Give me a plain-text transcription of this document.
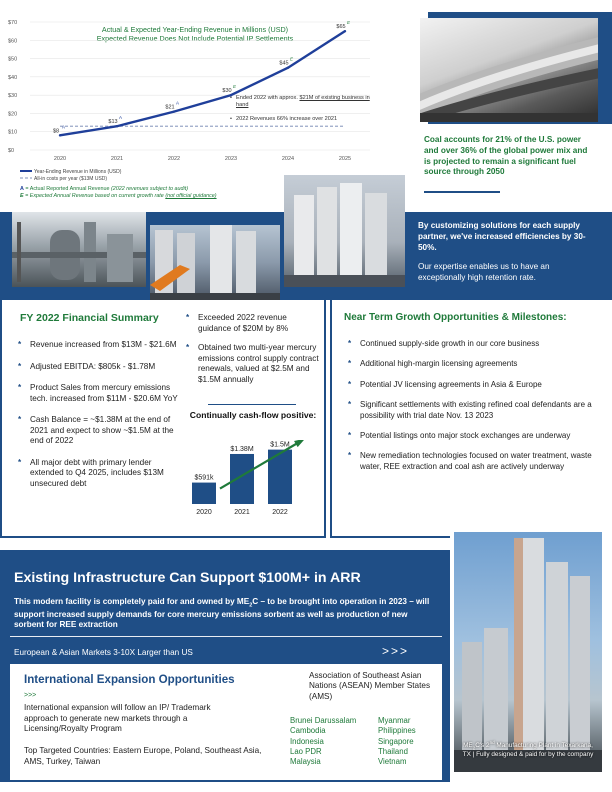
Actual & Expected Year-Ending Revenue in Millions (USD)
Expected Revenue Does Not Include Potential IP Settlements
$0
$10
$20
$30
$40
$50
$60
$70
2020	2021	2022	2023	2024	2025
$8
A
$13
A
$21
A
$30
E
$45
E
$65
E
Year-Ending Revenue in Millions (USD)
All-in costs per year ($13M USD)
• Ended 2022 with approx. $21M of existing business in hand
• 2022 Revenues 66% increase over 2021
A = Actual Reported Annual Revenue (2022 revenues subject to audit)
E = Expected Annual Revenue based on current growth rate (not official guidance)
Coal accounts for 21% of the U.S. power and over 36% of the global power mix and is projected to remain a significant fuel source through 2050
By customizing solutions for each supply partner, we've increased efficiencies by 30-50%.
Our expertise enables us to have an exceptionally high retention rate.
FY 2022 Financial Summary
* Revenue increased from $13M - $21.6M
* Adjusted EBITDA: $805k - $1.78M
* Product Sales from mercury emissions tech. increased from $11M - $20.6M YoY
* Cash Balance = ~$1.38M at the end of 2021 and expect to show ~$1.5M at the end of 2022
* All major debt with primary lender extended to Q4 2025, includes $13M unsecured debt
* Exceeded 2022 revenue guidance of $20M by 8%
* Obtained two multi-year mercury emissions control supply contract renewals, valued at $2.5M and $1.5M annually
Continually cash-flow positive:
$591k
$1.38M
$1.5M
2020	2021	2022
Near Term Growth Opportunities & Milestones:
* Continued supply-side growth in our core business
* Additional high-margin licensing agreements
* Potential JV licensing agreements in Asia & Europe
* Significant settlements with existing refined coal defendants are a possibility with trial date Nov. 13 2023
* Potential listings onto major stock exchanges are underway
* New remediation technologies focused on water treatment, waste water, REE extraction and coal ash are actively underway
Existing Infrastructure Can Support $100M+ in ARR
This modern facility is completely paid for and owned by $ME_2C$ – to be brought into operation in 2023 – will support increased supply demands for core mercury emissions sorbent as well as production of new sorbent for REE extraction
European & Asian Markets 3-10X Larger than US	>>>
International Expansion Opportunities
>>>
International expansion will follow an IP/ Trademark approach to generate new markets through a Licensing/Royalty Program
Top Targeted Countries: Eastern Europe, Poland, Southeast Asia, AMS, Turkey, Taiwan
Association of Southeast Asian Nations (ASEAN) Member States (AMS)
Brunei Darussalam
Cambodia
Indonesia
Lao PDR
Malaysia
Myanmar
Philippines
Singapore
Thailand
Vietnam
$ME_2C's$ 2nd Manufacturing Plant in Texarkana, TX | Fully designed & paid for by the company
